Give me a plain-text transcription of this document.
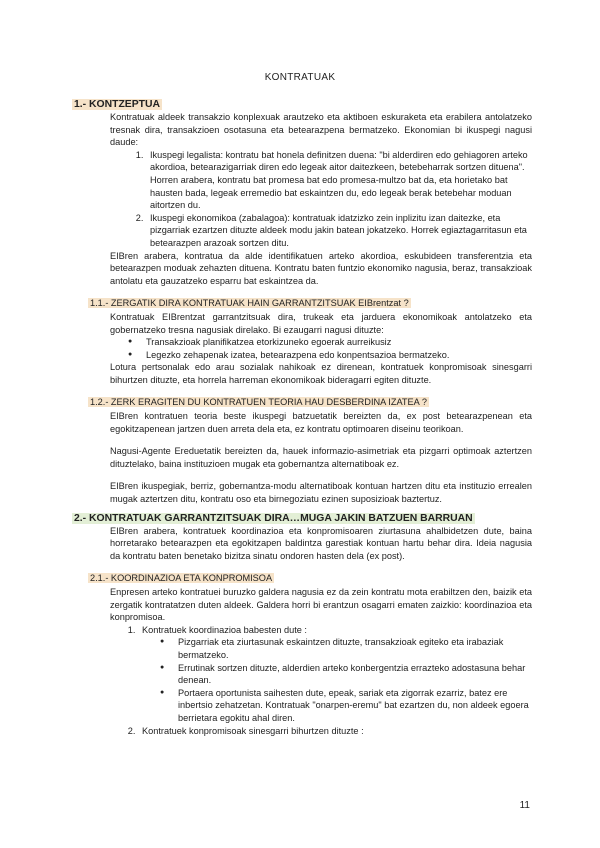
KONTRATUAK

1.- KONTZEPTUA

Kontratuak aldeek transakzio konplexuak arautzeko eta aktiboen eskuraketa eta erabilera antolatzeko tresnak dira, transakzioen osotasuna eta betearazpena bermatzeko. Ekonomian bi ikuspegi nagusi daude:

1. Ikuspegi legalista: kontratu bat honela definitzen duena: "bi alderdiren edo gehiagoren arteko akordioa, betearazigarriak diren edo legeak aitor daitezkeen, betebeharrak sortzen dituena". Horren arabera, kontratu bat promesa bat edo promesa-multzo bat da, eta horietako bat hausten bada, legeak erremedio bat eskaintzen du, edo legeak berak betebehar moduan aitortzen du.
2. Ikuspegi ekonomikoa (zabalagoa): kontratuak idatzizko zein inplizitu izan daitezke, eta pizgarriak ezartzen dituzte aldeek modu jakin batean jokatzeko. Horrek egiaztagarritasun eta betearazpen arazoak sortzen ditu.

EIBren arabera, kontratua da alde identifikatuen arteko akordioa, eskubideen transferentzia eta betearazpen moduak zehazten dituena. Kontratu baten funtzio ekonomiko nagusia, beraz, transakzioak antolatu eta gauzatzeko esparru bat eskaintzea da.

1.1.- ZERGATIK DIRA KONTRATUAK HAIN GARRANTZITSUAK EIBrentzat ?

Kontratuak EIBrentzat garrantzitsuak dira, trukeak eta jarduera ekonomikoak antolatzeko eta gobernatzeko tresna nagusiak direlako. Bi ezaugarri nagusi dituzte:

● Transakzioak planifikatzea etorkizuneko egoerak aurreikusiz
● Legezko zehapenak izatea, betearazpena edo konpentsazioa bermatzeko.

Lotura pertsonalak edo arau sozialak nahikoak ez direnean, kontratuek konpromisoak sinesgarri bihurtzen dituzte, eta horrela harreman ekonomikoak bideragarri egiten dituzte.

1.2.- ZERK ERAGITEN DU KONTRATUEN TEORIA HAU DESBERDINA IZATEA ?

EIBren kontratuen teoria beste ikuspegi batzuetatik bereizten da, ex post betearazpenean eta egokitzapenean jartzen duen arreta dela eta, ez kontratu optimoaren diseinu teorikoan.

Nagusi-Agente Ereduetatik bereizten da, hauek informazio-asimetriak eta pizgarri optimoak aztertzen dituztelako, baina instituzioen mugak eta gobernantza alternatiboak ez.

EIBren ikuspegiak, berriz, gobernantza-modu alternatiboak kontuan hartzen ditu eta instituzio errealen mugak aztertzen ditu, kontratu oso eta birnegoziatu ezinen suposizioak baztertuz.

2.- KONTRATUAK GARRANTZITSUAK DIRA…MUGA JAKIN BATZUEN BARRUAN

EIBren arabera, kontratuek koordinazioa eta konpromisoaren ziurtasuna ahalbidetzen dute, baina horretarako betearazpen eta egokitzapen baldintza garestiak kontuan hartu behar dira. Ideia nagusia da kontratu baten benetako bizitza sinatu ondoren hasten dela (ex post).

2.1.- KOORDINAZIOA ETA KONPROMISOA

Enpresen arteko kontratuei buruzko galdera nagusia ez da zein kontratu mota erabiltzen den, baizik eta zergatik kontratatzen duten aldeek. Galdera horri bi erantzun osagarri ematen zaizkio: koordinazioa eta konpromisoa.

1. Kontratuek koordinazioa babesten dute :
● Pizgarriak eta ziurtasunak eskaintzen dituzte, transakzioak egiteko eta irabaziak bermatzeko.
● Errutinak sortzen dituzte, alderdien arteko konbergentzia errazteko adostasuna behar denean.
● Portaera oportunista saihesten dute, epeak, sariak eta zigorrak ezarriz, batez ere inbertsio zehatzetan. Kontratuak "onarpen-eremu" bat ezartzen du, non aldeek egoera berrietara egokitu ahal diren.
2. Kontratuek konpromisoak sinesgarri bihurtzen dituzte :
11
